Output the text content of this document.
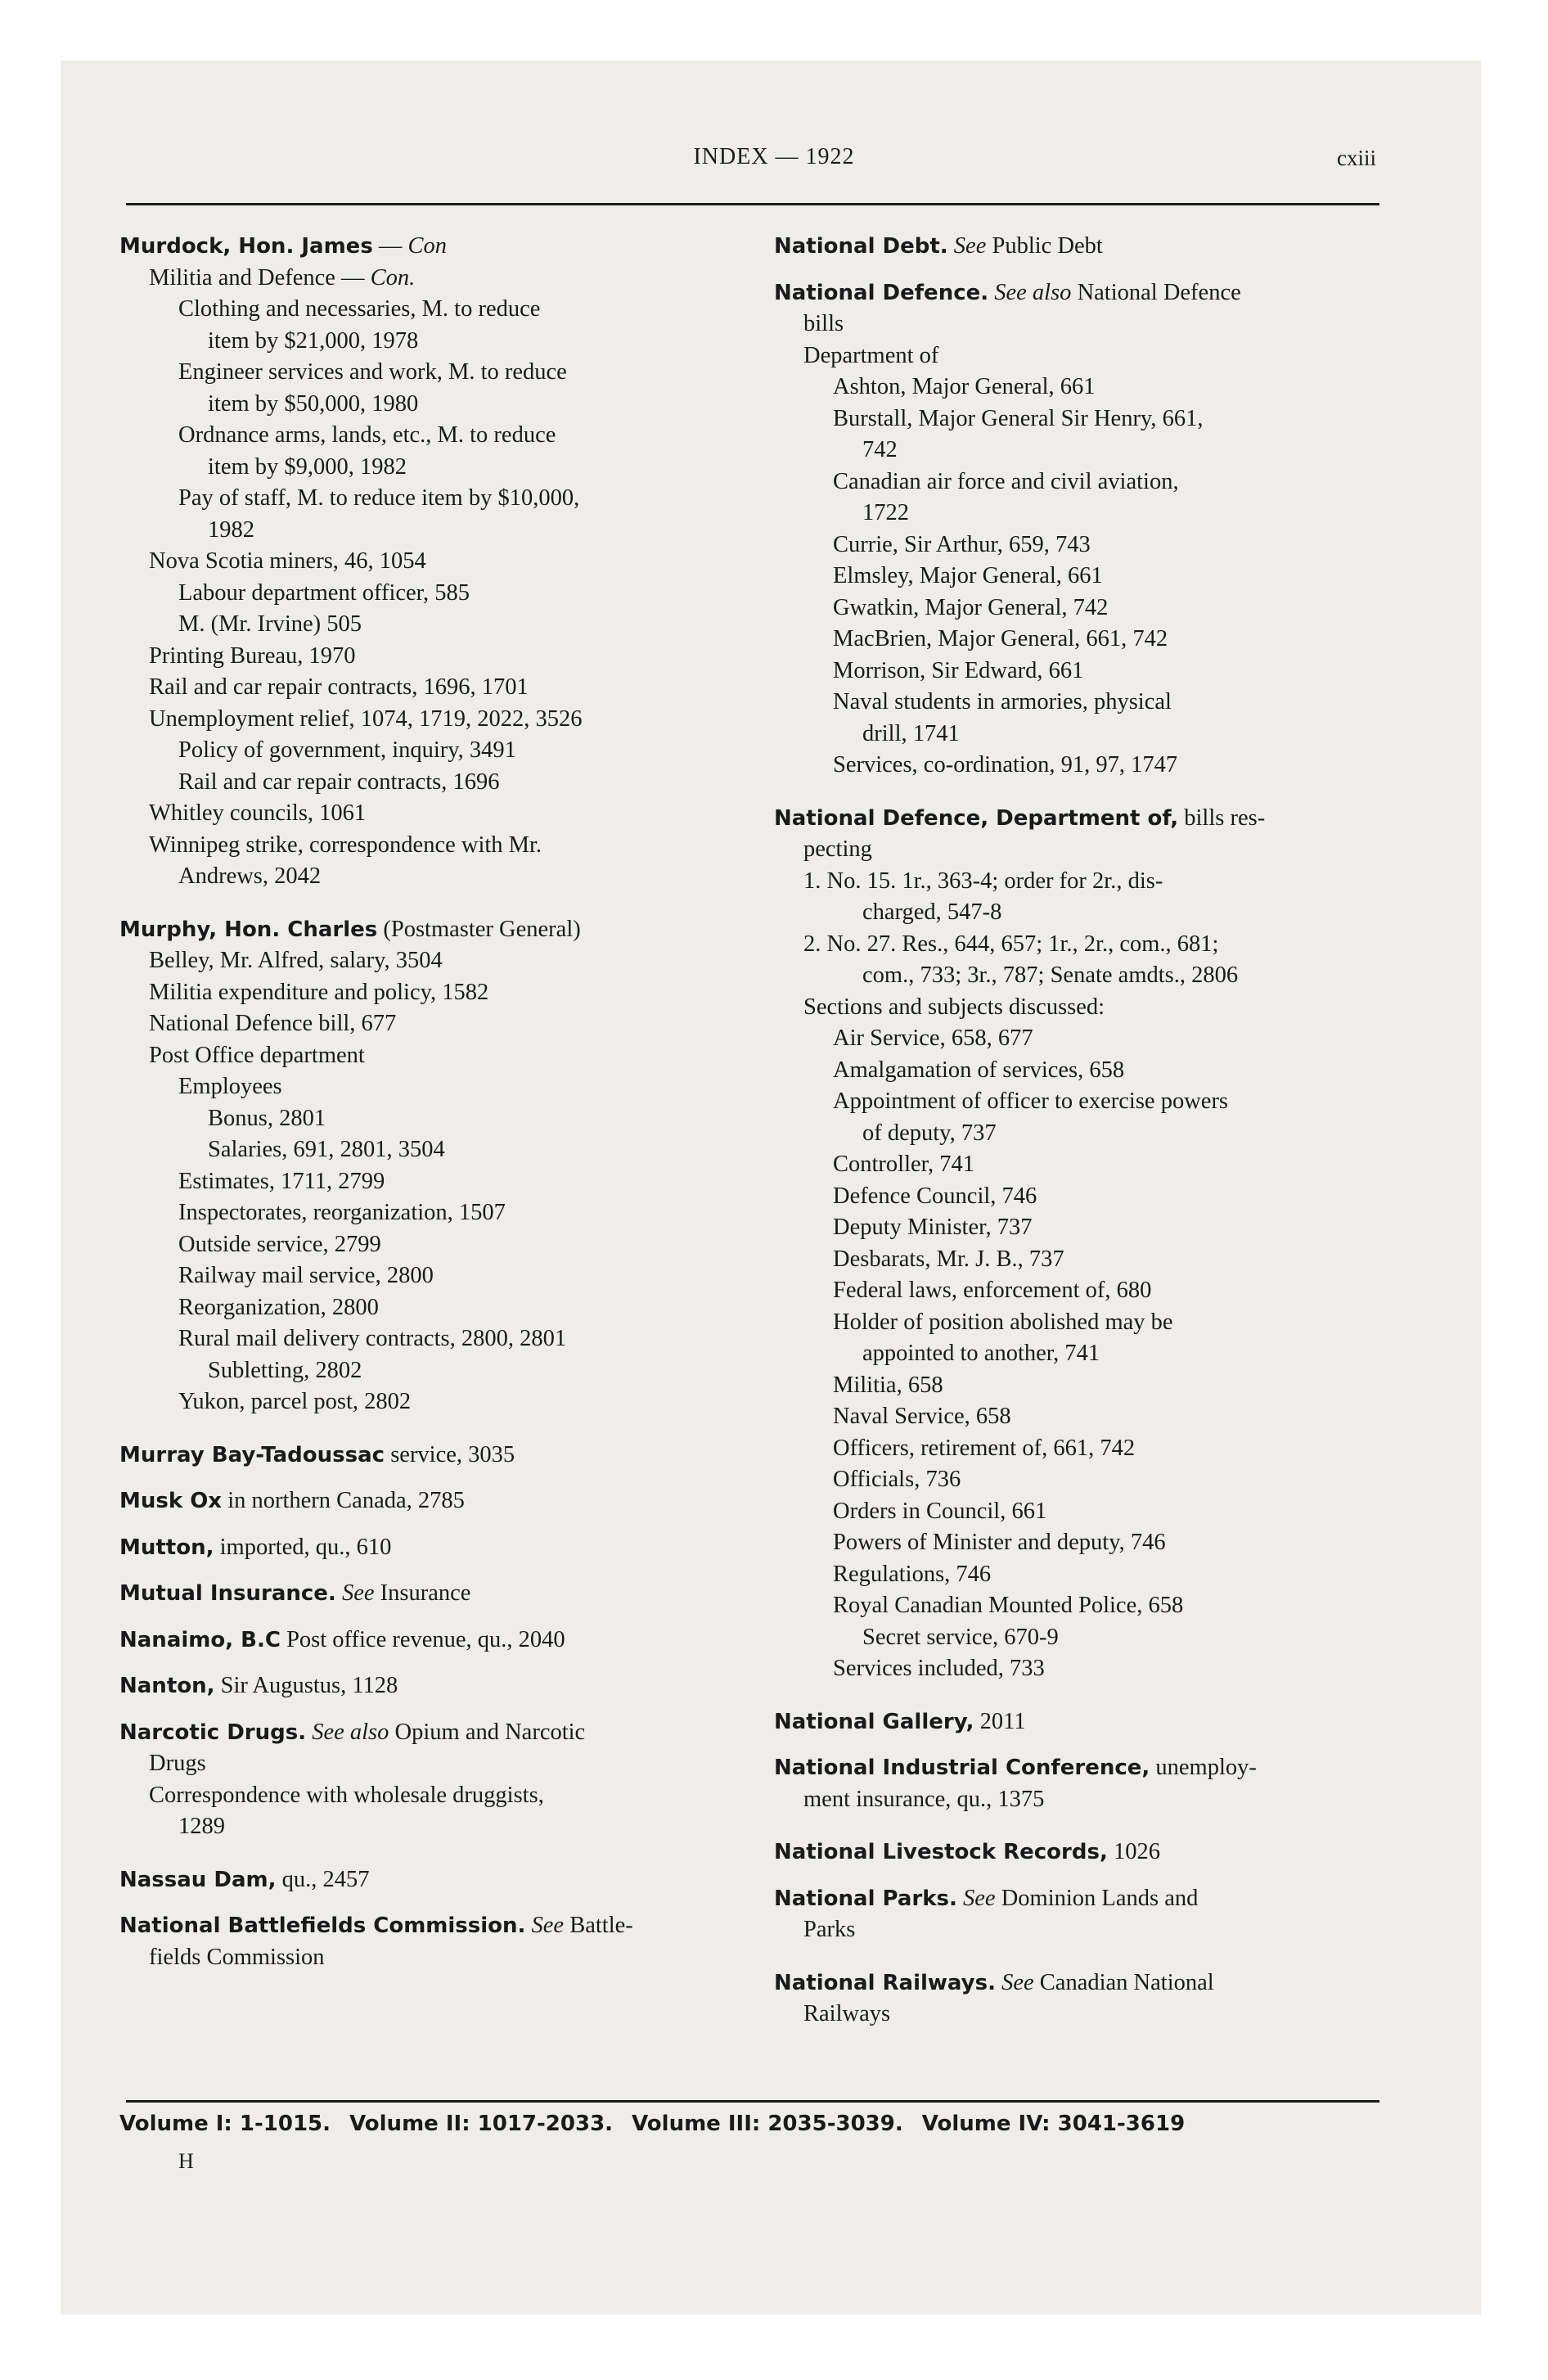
INDEX — 1922	cxiii
Murdock, Hon. James — Con
Militia and Defence — Con.
Clothing and necessaries, M. to reduce
item by $21,000, 1978
Engineer services and work, M. to reduce
item by $50,000, 1980
Ordnance arms, lands, etc., M. to reduce
item by $9,000, 1982
Pay of staff, M. to reduce item by $10,000,
1982
Nova Scotia miners, 46, 1054
Labour department officer, 585
M. (Mr. Irvine) 505
Printing Bureau, 1970
Rail and car repair contracts, 1696, 1701
Unemployment relief, 1074, 1719, 2022, 3526
Policy of government, inquiry, 3491
Rail and car repair contracts, 1696
Whitley councils, 1061
Winnipeg strike, correspondence with Mr.
Andrews, 2042
Murphy, Hon. Charles (Postmaster General)
Belley, Mr. Alfred, salary, 3504
Militia expenditure and policy, 1582
National Defence bill, 677
Post Office department
Employees
Bonus, 2801
Salaries, 691, 2801, 3504
Estimates, 1711, 2799
Inspectorates, reorganization, 1507
Outside service, 2799
Railway mail service, 2800
Reorganization, 2800
Rural mail delivery contracts, 2800, 2801
Subletting, 2802
Yukon, parcel post, 2802
Murray Bay-Tadoussac service, 3035
Musk Ox in northern Canada, 2785
Mutton, imported, qu., 610
Mutual Insurance. See Insurance
Nanaimo, B.C Post office revenue, qu., 2040
Nanton, Sir Augustus, 1128
Narcotic Drugs. See also Opium and Narcotic
Drugs
Correspondence with wholesale druggists,
1289
Nassau Dam, qu., 2457
National Battlefields Commission. See Battle-
fields Commission
National Debt. See Public Debt
National Defence. See also National Defence
bills
Department of
Ashton, Major General, 661
Burstall, Major General Sir Henry, 661,
742
Canadian air force and civil aviation,
1722
Currie, Sir Arthur, 659, 743
Elmsley, Major General, 661
Gwatkin, Major General, 742
MacBrien, Major General, 661, 742
Morrison, Sir Edward, 661
Naval students in armories, physical
drill, 1741
Services, co-ordination, 91, 97, 1747
National Defence, Department of, bills res-
pecting
1. No. 15. 1r., 363-4; order for 2r., dis-
charged, 547-8
2. No. 27. Res., 644, 657; 1r., 2r., com., 681;
com., 733; 3r., 787; Senate amdts., 2806
Sections and subjects discussed:
Air Service, 658, 677
Amalgamation of services, 658
Appointment of officer to exercise powers
of deputy, 737
Controller, 741
Defence Council, 746
Deputy Minister, 737
Desbarats, Mr. J. B., 737
Federal laws, enforcement of, 680
Holder of position abolished may be
appointed to another, 741
Militia, 658
Naval Service, 658
Officers, retirement of, 661, 742
Officials, 736
Orders in Council, 661
Powers of Minister and deputy, 746
Regulations, 746
Royal Canadian Mounted Police, 658
Secret service, 670-9
Services included, 733
National Gallery, 2011
National Industrial Conference, unemploy-
ment insurance, qu., 1375
National Livestock Records, 1026
National Parks. See Dominion Lands and
Parks
National Railways. See Canadian National
Railways
Volume I: 1-1015. Volume II: 1017-2033. Volume III: 2035-3039. Volume IV: 3041-3619
H
